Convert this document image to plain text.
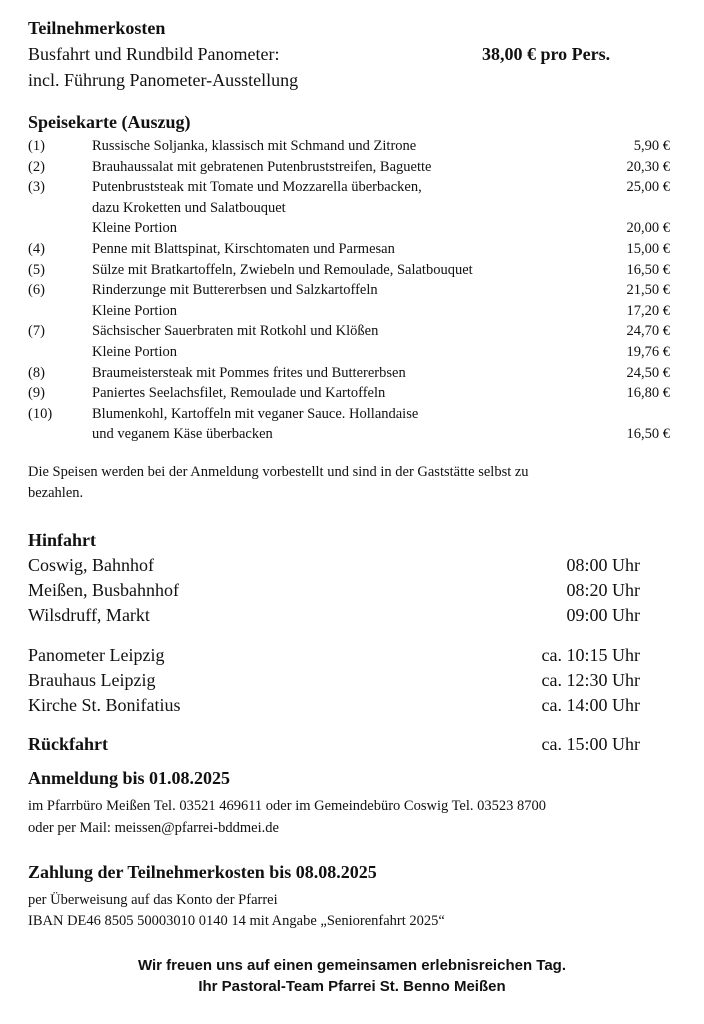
Teilnehmerkosten
Busfahrt und Rundbild Panometer:	38,00 € pro Pers.
incl. Führung Panometer-Ausstellung
Speisekarte (Auszug)
(1)	Russische Soljanka, klassisch mit Schmand und Zitrone	5,90 €
(2)	Brauhaussalat mit gebratenen Putenbruststreifen, Baguette	20,30 €
(3)	Putenbruststeak mit Tomate und Mozzarella überbacken,	25,00 €
dazu Kroketten und Salatbouquet
Kleine Portion	20,00 €
(4)	Penne mit Blattspinat, Kirschtomaten und Parmesan	15,00 €
(5)	Sülze mit Bratkartoffeln, Zwiebeln und Remoulade, Salatbouquet	16,50 €
(6)	Rinderzunge mit Buttererbsen und Salzkartoffeln	21,50 €
Kleine Portion	17,20 €
(7)	Sächsischer Sauerbraten mit Rotkohl und Klößen	24,70 €
Kleine Portion	19,76 €
(8)	Braumeistersteak mit Pommes frites und Buttererbsen	24,50 €
(9)	Paniertes Seelachsfilet, Remoulade und Kartoffeln	16,80 €
(10)	Blumenkohl, Kartoffeln mit veganer Sauce. Hollandaise
und veganem Käse überbacken	16,50 €
Die Speisen werden bei der Anmeldung vorbestellt und sind in der Gaststätte selbst zu
bezahlen.
Hinfahrt
Coswig, Bahnhof	08:00 Uhr
Meißen, Busbahnhof	08:20 Uhr
Wilsdruff, Markt	09:00 Uhr
Panometer Leipzig	ca. 10:15 Uhr
Brauhaus Leipzig	ca. 12:30 Uhr
Kirche St. Bonifatius	ca. 14:00 Uhr
Rückfahrt	ca. 15:00 Uhr
Anmeldung bis 01.08.2025
im Pfarrbüro Meißen Tel. 03521 469611 oder im Gemeindebüro Coswig Tel. 03523 8700
oder per Mail: meissen@pfarrei-bddmei.de
Zahlung der Teilnehmerkosten bis 08.08.2025
per Überweisung auf das Konto der Pfarrei
IBAN DE46 8505 50003010 0140 14 mit Angabe „Seniorenfahrt 2025“
Wir freuen uns auf einen gemeinsamen erlebnisreichen Tag.
Ihr Pastoral-Team Pfarrei St. Benno Meißen
